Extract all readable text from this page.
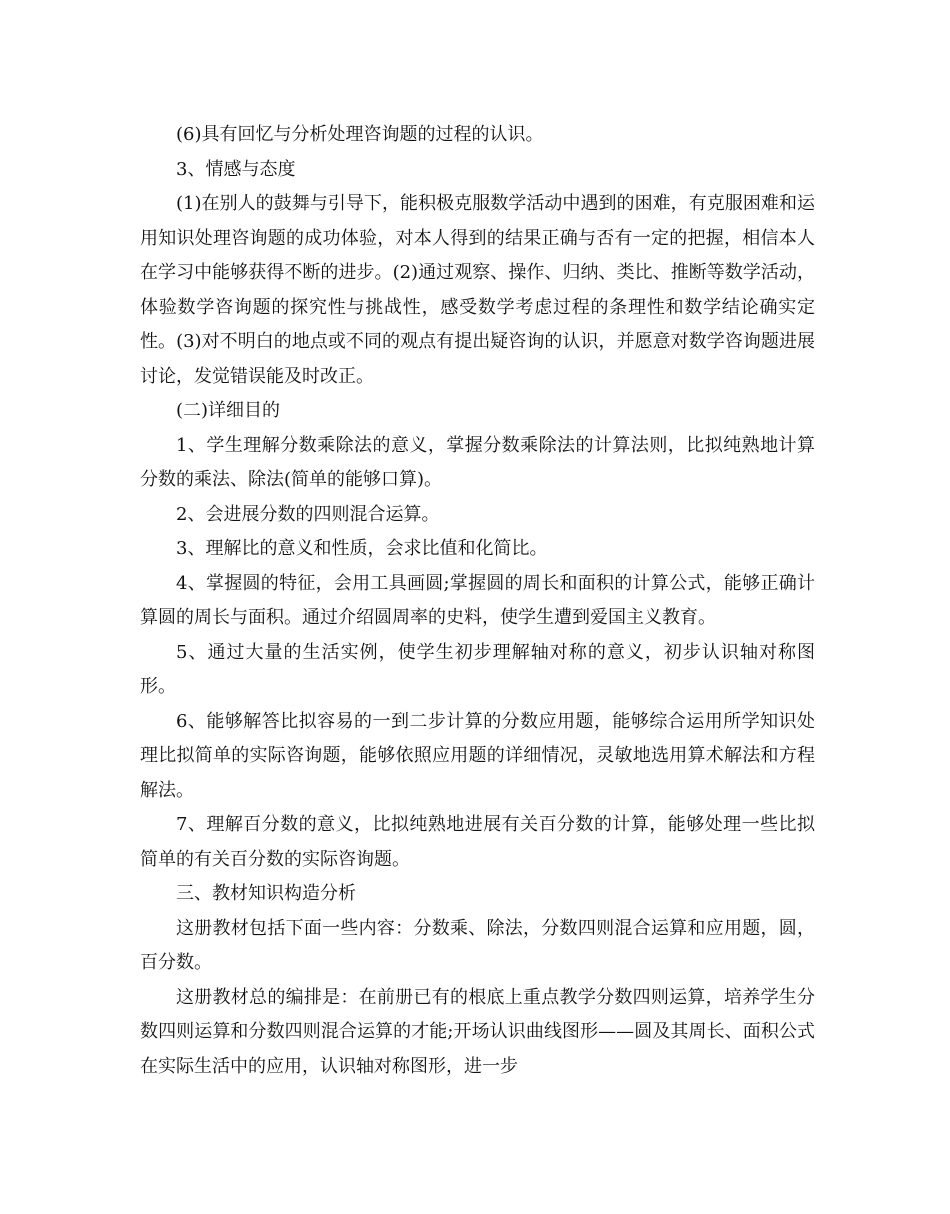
(6)具有回忆与分析处理咨询题的过程的认识。

3、情感与态度

(1)在别人的鼓舞与引导下，能积极克服数学活动中遇到的困难，有克服困难和运用知识处理咨询题的成功体验，对本人得到的结果正确与否有一定的把握，相信本人在学习中能够获得不断的进步。(2)通过观察、操作、归纳、类比、推断等数学活动，体验数学咨询题的探究性与挑战性，感受数学考虑过程的条理性和数学结论确实定性。(3)对不明白的地点或不同的观点有提出疑咨询的认识，并愿意对数学咨询题进展讨论，发觉错误能及时改正。

(二)详细目的

1、学生理解分数乘除法的意义，掌握分数乘除法的计算法则，比拟纯熟地计算分数的乘法、除法(简单的能够口算)。

2、会进展分数的四则混合运算。

3、理解比的意义和性质，会求比值和化简比。

4、掌握圆的特征，会用工具画圆;掌握圆的周长和面积的计算公式，能够正确计算圆的周长与面积。通过介绍圆周率的史料，使学生遭到爱国主义教育。

5、通过大量的生活实例，使学生初步理解轴对称的意义，初步认识轴对称图形。

6、能够解答比拟容易的一到二步计算的分数应用题，能够综合运用所学知识处理比拟简单的实际咨询题，能够依照应用题的详细情况，灵敏地选用算术解法和方程解法。

7、理解百分数的意义，比拟纯熟地进展有关百分数的计算，能够处理一些比拟简单的有关百分数的实际咨询题。

三、教材知识构造分析

这册教材包括下面一些内容：分数乘、除法，分数四则混合运算和应用题，圆，百分数。

这册教材总的编排是：在前册已有的根底上重点教学分数四则运算，培养学生分数四则运算和分数四则混合运算的才能;开场认识曲线图形——圆及其周长、面积公式在实际生活中的应用，认识轴对称图形，进一步
